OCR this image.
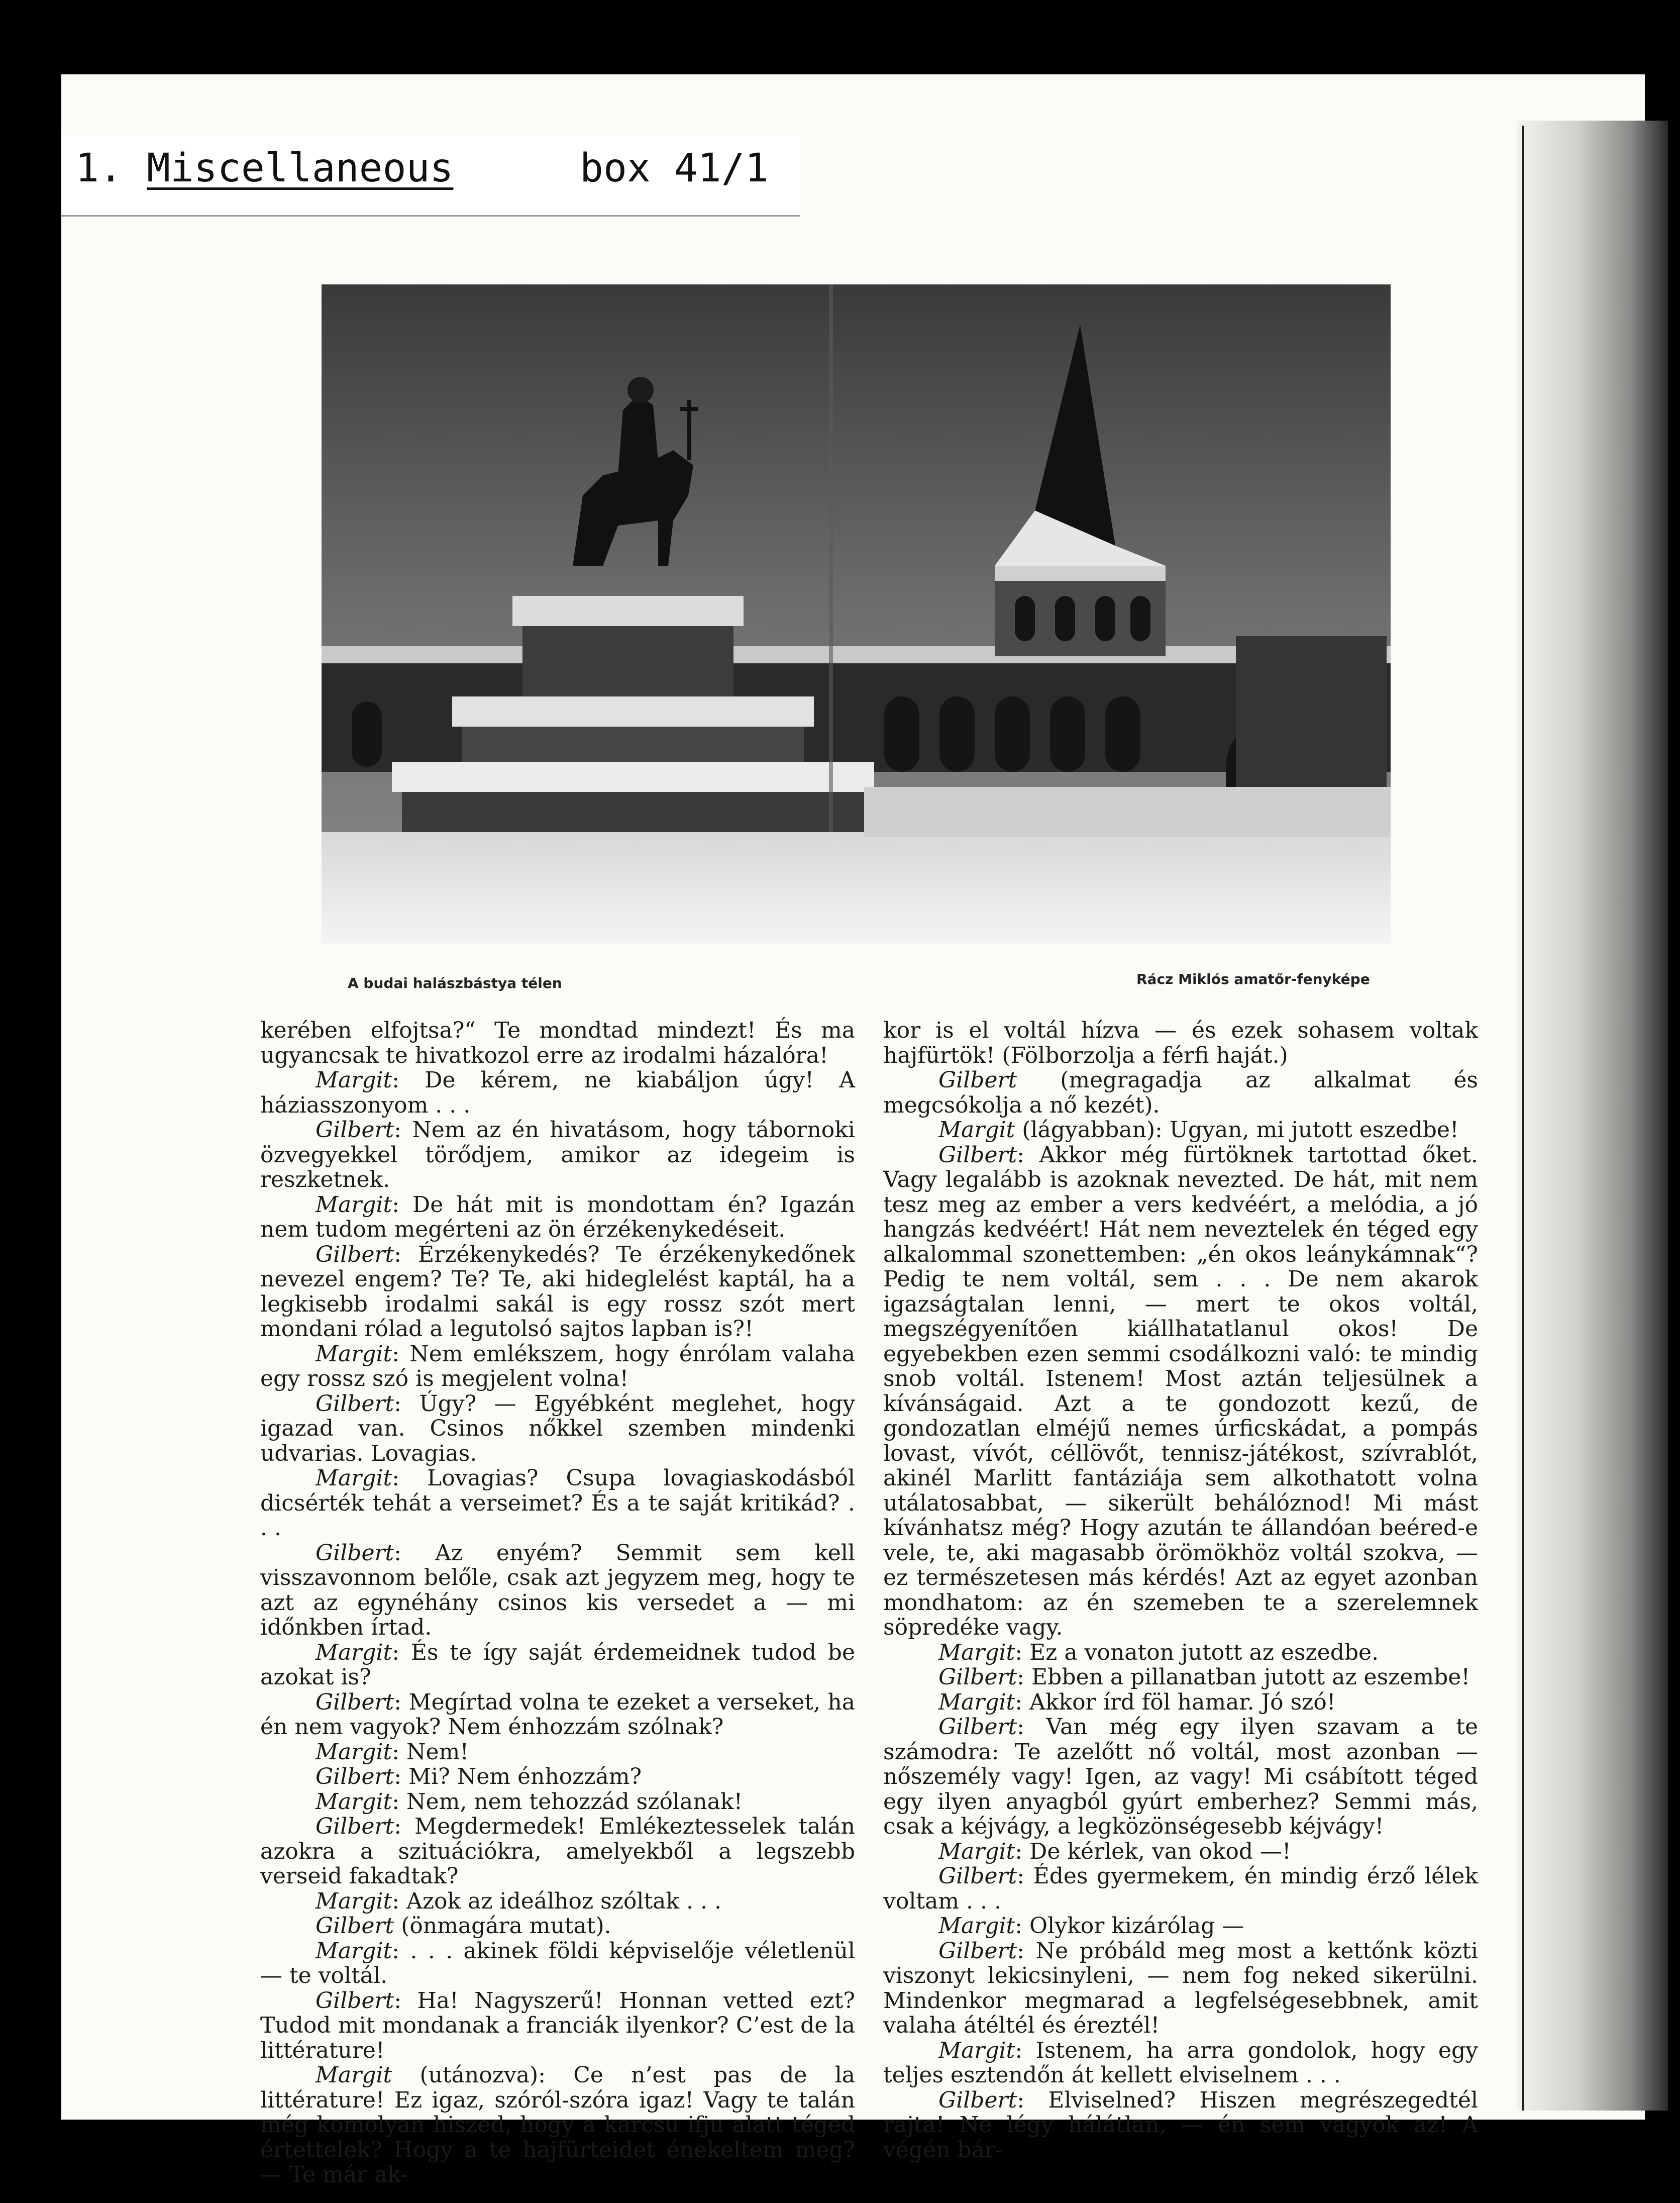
1. Miscellaneous	box 41/1
A budai halászbástya télen	Rácz Miklós amatőr-fenyképe

kerében elfojtsa?“ Te mondtad mindezt! És ma ugyancsak te hivatkozol erre az irodalmi házalóra!

Margit: De kérem, ne kiabáljon úgy! A háziasszonyom . . .

Gilbert: Nem az én hivatásom, hogy tábornoki özvegyekkel törődjem, amikor az idegeim is reszketnek.

Margit: De hát mit is mondottam én? Igazán nem tudom megérteni az ön érzékenykedéseit.

Gilbert: Érzékenykedés? Te érzékenykedőnek nevezel engem? Te? Te, aki hideglelést kaptál, ha a legkisebb irodalmi sakál is egy rossz szót mert mondani rólad a legutolsó sajtos lapban is?!

Margit: Nem emlékszem, hogy énrólam valaha egy rossz szó is megjelent volna!

Gilbert: Úgy? — Egyébként meglehet, hogy igazad van. Csinos nőkkel szemben mindenki udvarias. Lovagias.

Margit: Lovagias? Csupa lovagiaskodásból dicsérték tehát a verseimet? És a te saját kritikád? . . .

Gilbert: Az enyém? Semmit sem kell visszavonnom belőle, csak azt jegyzem meg, hogy te azt az egynéhány csinos kis versedet a — mi időnkben írtad.

Margit: És te így saját érdemeidnek tudod be azokat is?

Gilbert: Megírtad volna te ezeket a verseket, ha én nem vagyok? Nem énhozzám szólnak?

Margit: Nem!

Gilbert: Mi? Nem énhozzám?

Margit: Nem, nem tehozzád szólanak!

Gilbert: Megdermedek! Emlékeztesselek talán azokra a szituációkra, amelyekből a legszebb verseid fakadtak?

Margit: Azok az ideálhoz szóltak . . .

Gilbert (önmagára mutat).

Margit: . . . akinek földi képviselője véletlenül — te voltál.

Gilbert: Ha! Nagyszerű! Honnan vetted ezt? Tudod mit mondanak a franciák ilyenkor? C’est de la littérature!

Margit (utánozva): Ce n’est pas de la littérature! Ez igaz, szóról-szóra igaz! Vagy te talán még komolyan hiszed, hogy a karcsu ifju alatt téged értettelek? Hogy a te hajfürteidet énekeltem meg? — Te már ak-

kor is el voltál hízva — és ezek sohasem voltak hajfürtök! (Fölborzolja a férfi haját.)

Gilbert (megragadja az alkalmat és megcsókolja a nő kezét).

Margit (lágyabban): Ugyan, mi jutott eszedbe!

Gilbert: Akkor még fürtöknek tartottad őket. Vagy legalább is azoknak nevezted. De hát, mit nem tesz meg az ember a vers kedvéért, a melódia, a jó hangzás kedvéért! Hát nem neveztelek én téged egy alkalommal szonettemben: „én okos leánykámnak“? Pedig te nem voltál, sem . . . De nem akarok igazságtalan lenni, — mert te okos voltál, megszégyenítően kiállhatatlanul okos! De egyebekben ezen semmi csodálkozni való: te mindig snob voltál. Istenem! Most aztán teljesülnek a kívánságaid. Azt a te gondozott kezű, de gondozatlan elméjű nemes úrficskádat, a pompás lovast, vívót, céllövőt, tennisz-játékost, szívrablót, akinél Marlitt fantáziája sem alkothatott volna utálatosabbat, — sikerült behálóznod! Mi mást kívánhatsz még? Hogy azután te állandóan beéred-e vele, te, aki magasabb örömökhöz voltál szokva, — ez természetesen más kérdés! Azt az egyet azonban mondhatom: az én szemeben te a szerelemnek söpredéke vagy.

Margit: Ez a vonaton jutott az eszedbe.

Gilbert: Ebben a pillanatban jutott az eszembe!

Margit: Akkor írd föl hamar. Jó szó!

Gilbert: Van még egy ilyen szavam a te számodra: Te azelőtt nő voltál, most azonban — nőszemély vagy! Igen, az vagy! Mi csábított téged egy ilyen anyagból gyúrt emberhez? Semmi más, csak a kéjvágy, a legközönségesebb kéjvágy!

Margit: De kérlek, van okod —!

Gilbert: Édes gyermekem, én mindig érző lélek voltam . . .

Margit: Olykor kizárólag —

Gilbert: Ne próbáld meg most a kettőnk közti viszonyt lekicsinyleni, — nem fog neked sikerülni. Mindenkor megmarad a legfelségesebbnek, amit valaha átéltél és éreztél!

Margit: Istenem, ha arra gondolok, hogy egy teljes esztendőn át kellett elviselnem . . .

Gilbert: Elviselned? Hiszen megrészegedtél rajta! Ne légy hálátlan, — én sem vagyok az! A végén bár-
